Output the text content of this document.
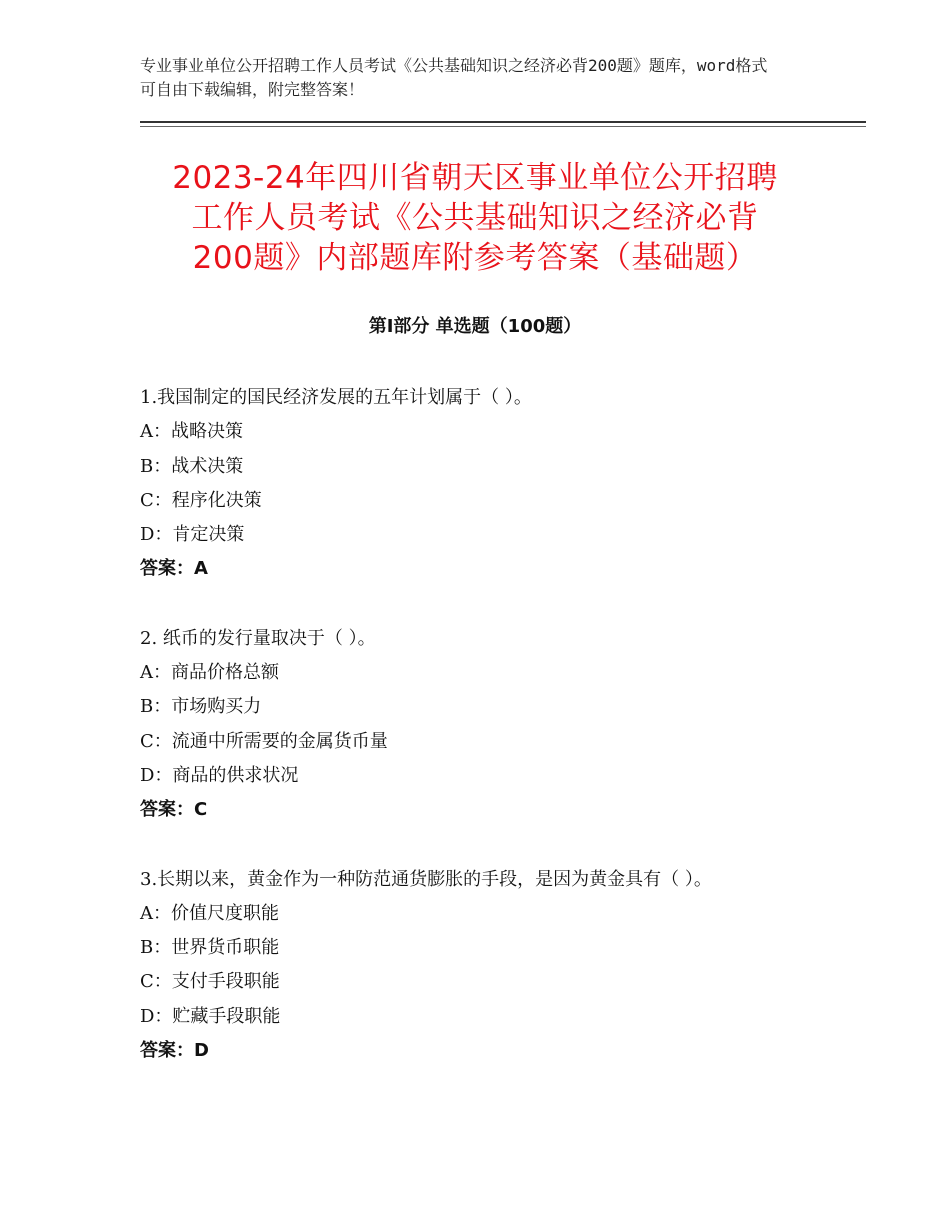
专业事业单位公开招聘工作人员考试《公共基础知识之经济必背200题》题库，word格式可自由下载编辑，附完整答案！
2023-24年四川省朝天区事业单位公开招聘
工作人员考试《公共基础知识之经济必背
200题》内部题库附参考答案（基础题）
第Ⅰ部分 单选题（100题）
1.我国制定的国民经济发展的五年计划属于（ ）。
A：战略决策
B：战术决策
C：程序化决策
D：肯定决策
答案：A
2. 纸币的发行量取决于（ ）。
A：商品价格总额
B：市场购买力
C：流通中所需要的金属货币量
D：商品的供求状况
答案：C
3.长期以来，黄金作为一种防范通货膨胀的手段，是因为黄金具有（ ）。
A：价值尺度职能
B：世界货币职能
C：支付手段职能
D：贮藏手段职能
答案：D
